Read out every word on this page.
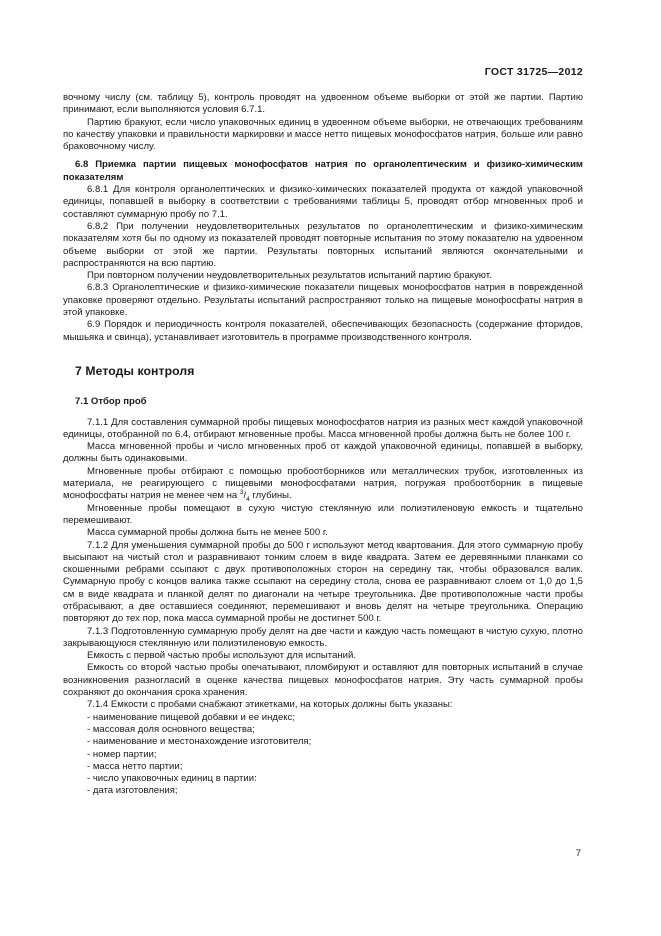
ГОСТ 31725—2012

вочному числу (см. таблицу 5), контроль проводят на удвоенном объеме выборки от этой же партии. Партию принимают, если выполняются условия 6.7.1.

Партию бракуют, если число упаковочных единиц в удвоенном объеме выборки, не отвечающих требованиям по качеству упаковки и правильности маркировки и массе нетто пищевых монофосфатов натрия, больше или равно браковочному числу.

6.8 Приемка партии пищевых монофосфатов натрия по органолептическим и физико-химическим показателям

6.8.1 Для контроля органолептических и физико-химических показателей продукта от каждой упаковочной единицы, попавшей в выборку в соответствии с требованиями таблицы 5, проводят отбор мгновенных проб и составляют суммарную пробу по 7.1.

6.8.2 При получении неудовлетворительных результатов по органолептическим и физико-химическим показателям хотя бы по одному из показателей проводят повторные испытания по этому показателю на удвоенном объеме выборки от этой же партии. Результаты повторных испытаний являются окончательными и распространяются на всю партию.

При повторном получении неудовлетворительных результатов испытаний партию бракуют.

6.8.3 Органолептические и физико-химические показатели пищевых монофосфатов натрия в поврежденной упаковке проверяют отдельно. Результаты испытаний распространяют только на пищевые монофосфаты натрия в этой упаковке.

6.9 Порядок и периодичность контроля показателей, обеспечивающих безопасность (содержание фторидов, мышьяка и свинца), устанавливает изготовитель в программе производственного контроля.

7 Методы контроля

7.1 Отбор проб

7.1.1 Для составления суммарной пробы пищевых монофосфатов натрия из разных мест каждой упаковочной единицы, отобранной по 6.4, отбирают мгновенные пробы. Масса мгновенной пробы должна быть не более 100 г.

Масса мгновенной пробы и число мгновенных проб от каждой упаковочной единицы, попавшей в выборку, должны быть одинаковыми.

Мгновенные пробы отбирают с помощью пробоотборников или металлических трубок, изготовленных из материала, не реагирующего с пищевыми монофосфатами натрия, погружая пробоотборник в пищевые монофосфаты натрия не менее чем на $^3/_4$ глубины.

Мгновенные пробы помещают в сухую чистую стеклянную или полиэтиленовую емкость и тщательно перемешивают.

Масса суммарной пробы должна быть не менее 500 г.

7.1.2 Для уменьшения суммарной пробы до 500 г используют метод квартования. Для этого суммарную пробу высыпают на чистый стол и разравнивают тонким слоем в виде квадрата. Затем ее деревянными планками со скошенными ребрами ссыпают с двух противоположных сторон на середину так, чтобы образовался валик. Суммарную пробу с концов валика также ссыпают на середину стола, снова ее разравнивают слоем от 1,0 до 1,5 см в виде квадрата и планкой делят по диагонали на четыре треугольника. Две противоположные части пробы отбрасывают, а две оставшиеся соединяют, перемешивают и вновь делят на четыре треугольника. Операцию повторяют до тех пор, пока масса суммарной пробы не достигнет 500 г.

7.1.3 Подготовленную суммарную пробу делят на две части и каждую часть помещают в чистую сухую, плотно закрывающуюся стеклянную или полиэтиленовую емкость.

Емкость с первой частью пробы используют для испытаний.

Емкость со второй частью пробы опечатывают, пломбируют и оставляют для повторных испытаний в случае возникновения разногласий в оценке качества пищевых монофосфатов натрия. Эту часть суммарной пробы сохраняют до окончания срока хранения.

7.1.4 Емкости с пробами снабжают этикетками, на которых должны быть указаны:

- наименование пищевой добавки и ее индекс;

- массовая доля основного вещества;

- наименование и местонахождение изготовителя;

- номер партии;

- масса нетто партии;

- число упаковочных единиц в партии:

- дата изготовления;

7
